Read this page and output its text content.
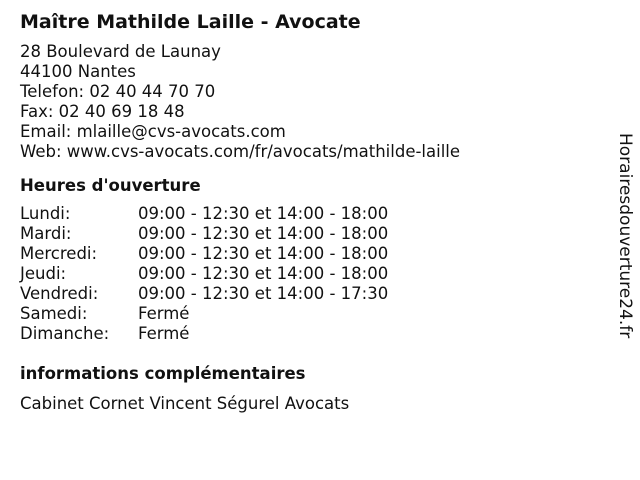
Maître Mathilde Laille - Avocate
28 Boulevard de Launay
44100 Nantes
Telefon: 02 40 44 70 70
Fax: 02 40 69 18 48
Email: mlaille@cvs-avocats.com
Web: www.cvs-avocats.com/fr/avocats/mathilde-laille
Heures d'ouverture
Lundi:	09:00 - 12:30 et 14:00 - 18:00
Mardi:	09:00 - 12:30 et 14:00 - 18:00
Mercredi:	09:00 - 12:30 et 14:00 - 18:00
Jeudi:	09:00 - 12:30 et 14:00 - 18:00
Vendredi:	09:00 - 12:30 et 14:00 - 17:30
Samedi:	Fermé
Dimanche:	Fermé
informations complémentaires
Cabinet Cornet Vincent Ségurel Avocats
Horairesdouverture24.fr
